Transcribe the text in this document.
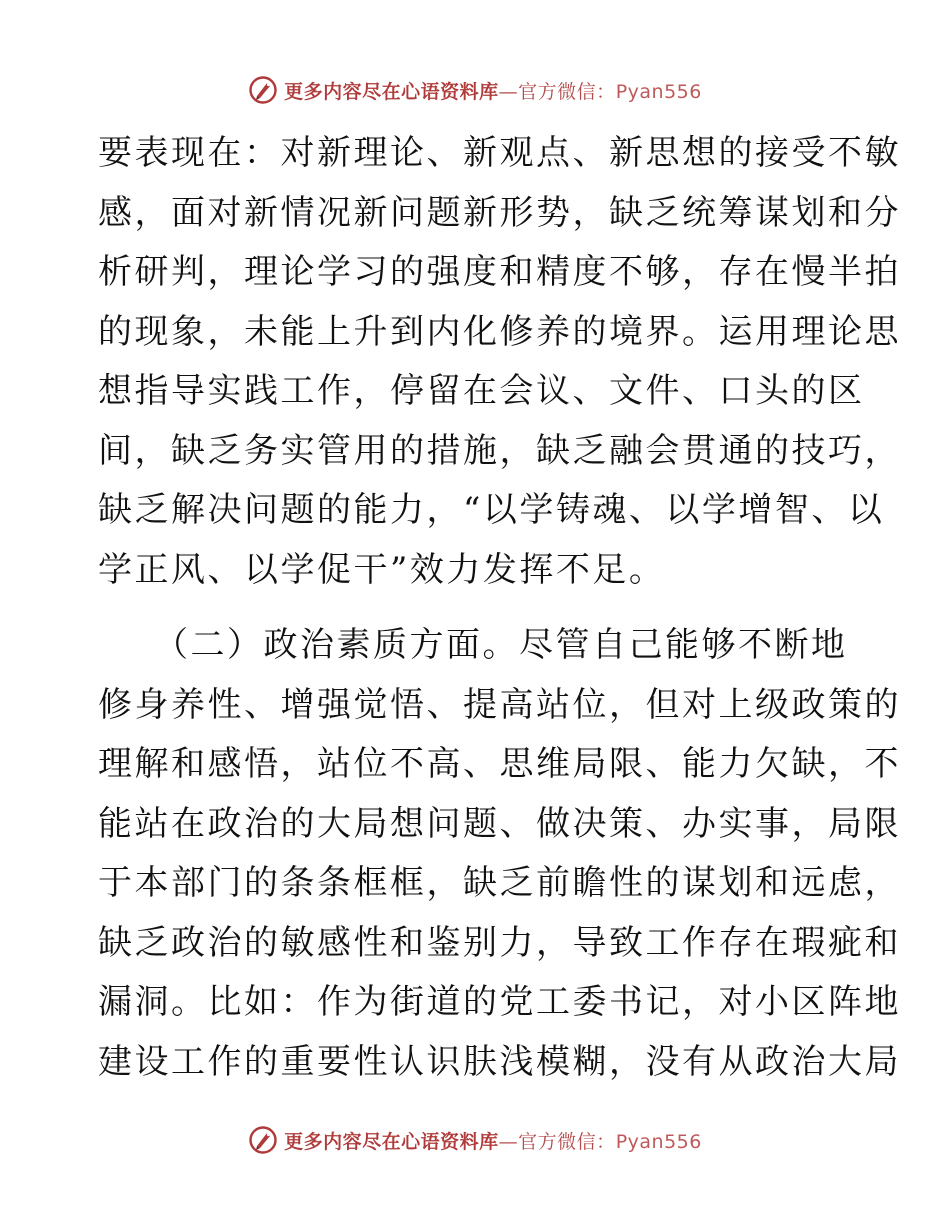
更多内容尽在心语资料库—官方微信：Pyan556

要表现在：对新理论、新观点、新思想的接受不敏
感，面对新情况新问题新形势，缺乏统筹谋划和分
析研判，理论学习的强度和精度不够，存在慢半拍
的现象，未能上升到内化修养的境界。运用理论思
想指导实践工作，停留在会议、文件、口头的区
间，缺乏务实管用的措施，缺乏融会贯通的技巧，
缺乏解决问题的能力，“以学铸魂、以学增智、以
学正风、以学促干”效力发挥不足。

　　（二）政治素质方面。尽管自己能够不断地
修身养性、增强觉悟、提高站位，但对上级政策的
理解和感悟，站位不高、思维局限、能力欠缺，不
能站在政治的大局想问题、做决策、办实事，局限
于本部门的条条框框，缺乏前瞻性的谋划和远虑，
缺乏政治的敏感性和鉴别力，导致工作存在瑕疵和
漏洞。比如：作为街道的党工委书记，对小区阵地
建设工作的重要性认识肤浅模糊，没有从政治大局

更多内容尽在心语资料库—官方微信：Pyan556
